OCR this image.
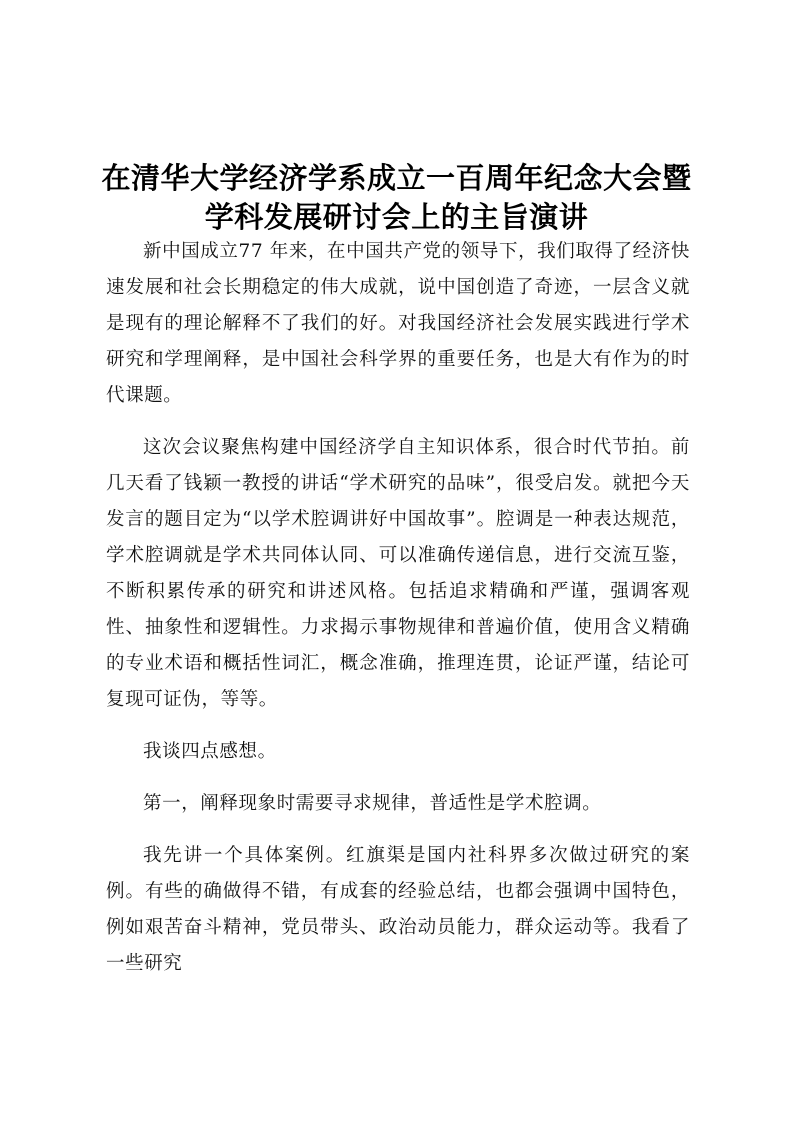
在清华大学经济学系成立一百周年纪念大会暨
学科发展研讨会上的主旨演讲

新中国成立77 年来，在中国共产党的领导下，我们取得了经济快速发展和社会长期稳定的伟大成就，说中国创造了奇迹，一层含义就是现有的理论解释不了我们的好。对我国经济社会发展实践进行学术研究和学理阐释，是中国社会科学界的重要任务，也是大有作为的时代课题。

这次会议聚焦构建中国经济学自主知识体系，很合时代节拍。前几天看了钱颖一教授的讲话“学术研究的品味”，很受启发。就把今天发言的题目定为“以学术腔调讲好中国故事”。腔调是一种表达规范，学术腔调就是学术共同体认同、可以准确传递信息，进行交流互鉴，不断积累传承的研究和讲述风格。包括追求精确和严谨，强调客观性、抽象性和逻辑性。力求揭示事物规律和普遍价值，使用含义精确的专业术语和概括性词汇，概念准确，推理连贯，论证严谨，结论可复现可证伪，等等。

我谈四点感想。

第一，阐释现象时需要寻求规律，普适性是学术腔调。

我先讲一个具体案例。红旗渠是国内社科界多次做过研究的案例。有些的确做得不错，有成套的经验总结，也都会强调中国特色，例如艰苦奋斗精神，党员带头、政治动员能力，群众运动等。我看了一些研究
